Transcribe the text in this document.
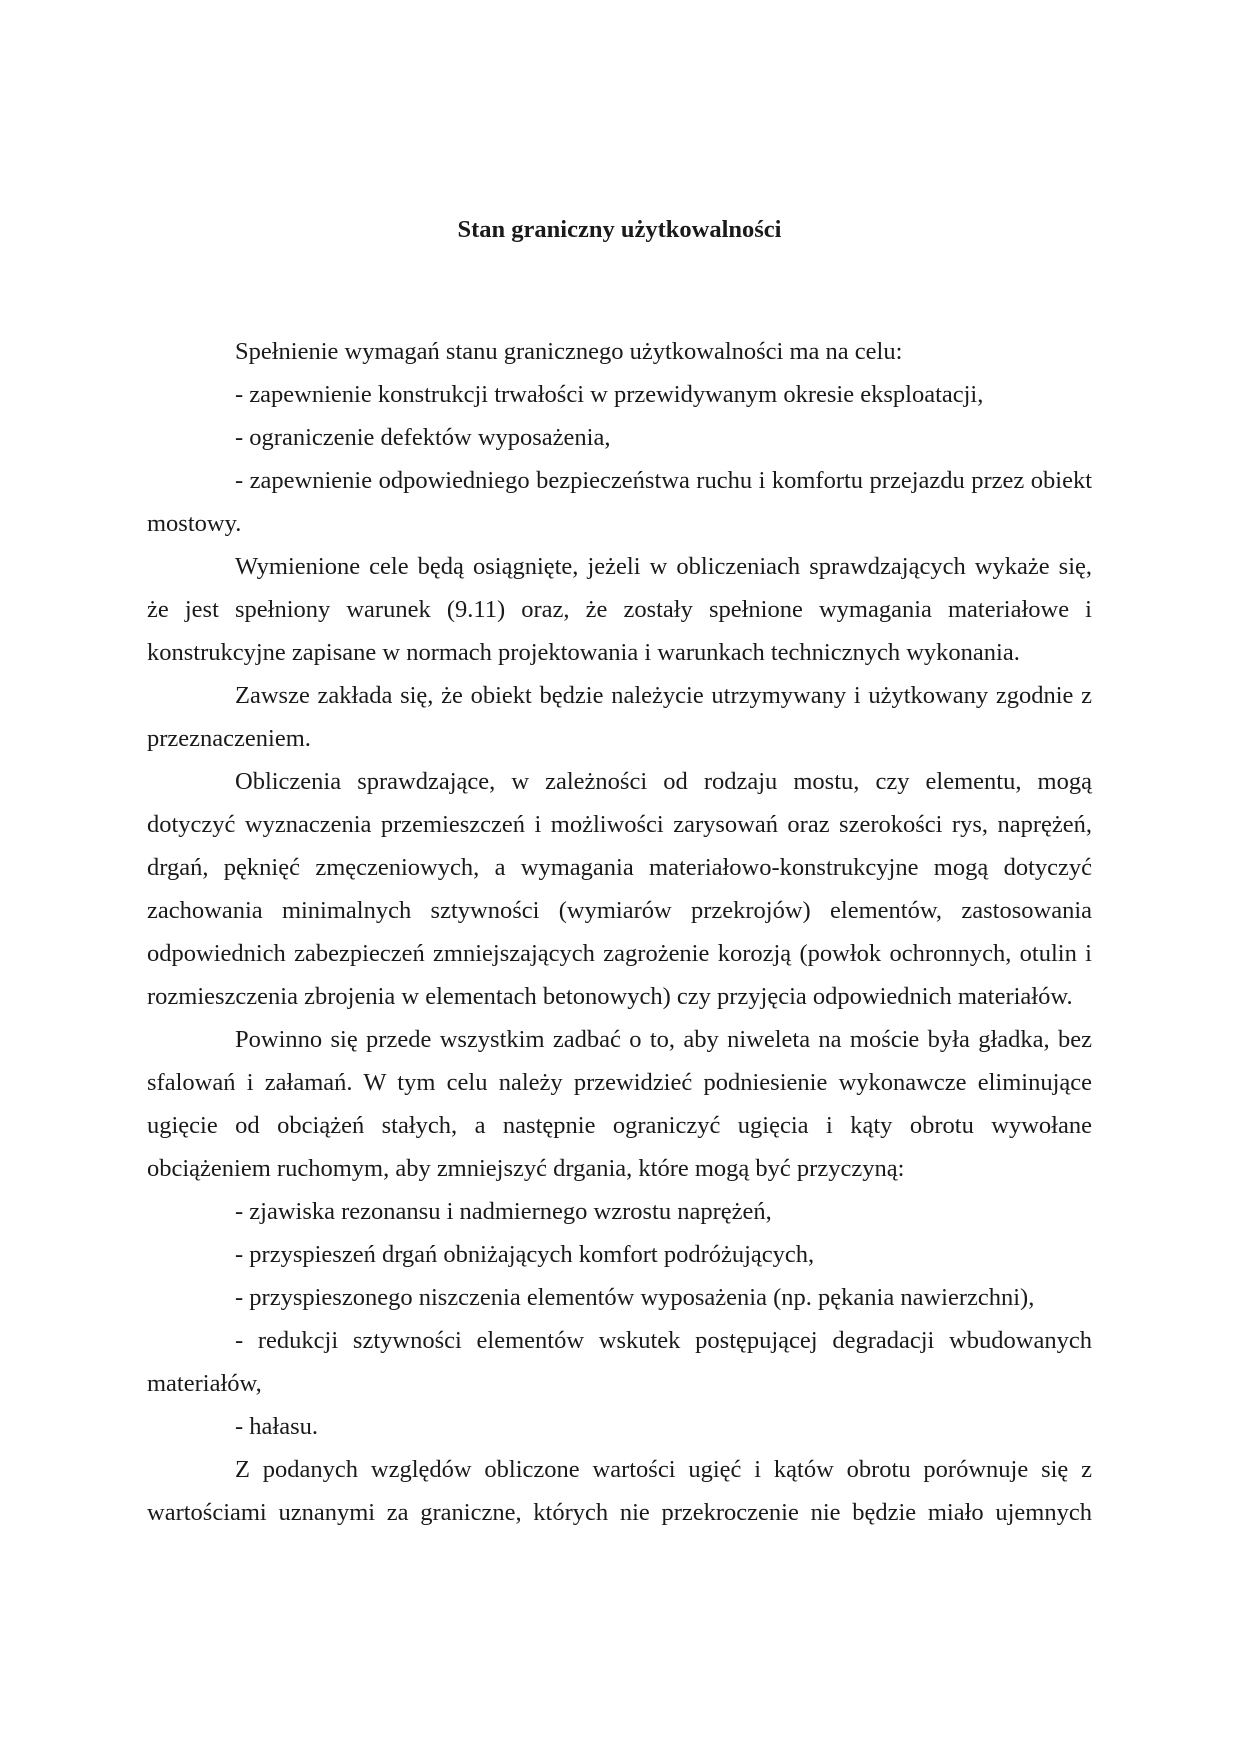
Stan graniczny użytkowalności

Spełnienie wymagań stanu granicznego użytkowalności ma na celu:

- zapewnienie konstrukcji trwałości w przewidywanym okresie eksploatacji,

- ograniczenie defektów wyposażenia,

- zapewnienie odpowiedniego bezpieczeństwa ruchu i komfortu przejazdu przez obiekt mostowy.

Wymienione cele będą osiągnięte, jeżeli w obliczeniach sprawdzających wykaże się, że jest spełniony warunek (9.11) oraz, że zostały spełnione wymagania materiałowe i konstrukcyjne zapisane w normach projektowania i warunkach technicznych wykonania.

Zawsze zakłada się, że obiekt będzie należycie utrzymywany i użytkowany zgodnie z przeznaczeniem.

Obliczenia sprawdzające, w zależności od rodzaju mostu, czy elementu, mogą dotyczyć wyznaczenia przemieszczeń i możliwości zarysowań oraz szerokości rys, naprężeń, drgań, pęknięć zmęczeniowych, a wymagania materiałowo-konstrukcyjne mogą dotyczyć zachowania minimalnych sztywności (wymiarów przekrojów) elementów, zastosowania odpowiednich zabezpieczeń zmniejszających zagrożenie korozją (powłok ochronnych, otulin i rozmieszczenia zbrojenia w elementach betonowych) czy przyjęcia odpowiednich materiałów.

Powinno się przede wszystkim zadbać o to, aby niweleta na moście była gładka, bez sfalowań i załamań. W tym celu należy przewidzieć podniesienie wykonawcze eliminujące ugięcie od obciążeń stałych, a następnie ograniczyć ugięcia i kąty obrotu wywołane obciążeniem ruchomym, aby zmniejszyć drgania, które mogą być przyczyną:

- zjawiska rezonansu i nadmiernego wzrostu naprężeń,

- przyspieszeń drgań obniżających komfort podróżujących,

- przyspieszonego niszczenia elementów wyposażenia (np. pękania nawierzchni),

- redukcji sztywności elementów wskutek postępującej degradacji wbudowanych materiałów,

- hałasu.

Z podanych względów obliczone wartości ugięć i kątów obrotu porównuje się z wartościami uznanymi za graniczne, których nie przekroczenie nie będzie miało ujemnych
